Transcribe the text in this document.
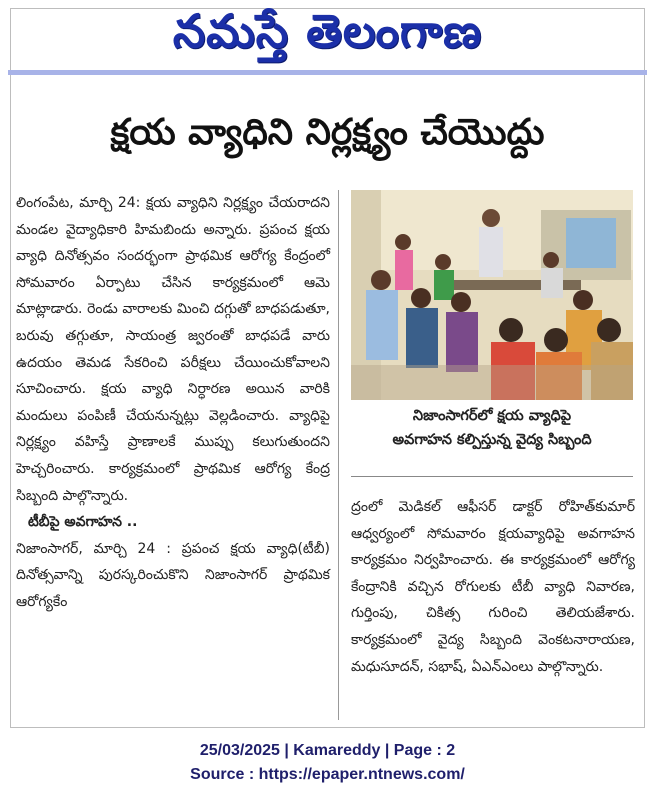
నమస్తే తెలంగాణ
క్షయ వ్యాధిని నిర్లక్ష్యం చేయొద్దు

లింగంపేట, మార్చి 24: క్షయ వ్యాధిని నిర్లక్ష్యం చేయరాదని మండల వైద్యాధికారి హిమబిందు అన్నారు. ప్రపంచ క్షయ వ్యాధి దినోత్సవం సందర్భంగా ప్రాథమిక ఆరోగ్య కేంద్రంలో సోమవారం ఏర్పాటు చేసిన కార్యక్రమంలో ఆమె మాట్లాడారు. రెండు వారాలకు మించి దగ్గుతో బాధపడుతూ, బరువు తగ్గుతూ, సాయంత్ర జ్వరంతో బాధపడే వారు ఉదయం తెమడ సేకరించి పరీక్షలు చేయించుకోవాలని సూచించారు. క్షయ వ్యాధి నిర్ధారణ అయిన వారికి మందులు పంపిణీ చేయనున్నట్లు వెల్లడించారు. వ్యాధిపై నిర్లక్ష్యం వహిస్తే ప్రాణాలకే ముప్పు కలుగుతుందని హెచ్చరించారు. కార్యక్రమంలో ప్రాథమిక ఆరోగ్య కేంద్ర సిబ్బంది పాల్గొన్నారు.

టీబీపై అవగాహన ..

నిజాంసాగర్, మార్చి 24 : ప్రపంచ క్షయ వ్యాధి(టీబీ) దినోత్సవాన్ని పురస్కరించుకొని నిజాంసాగర్ ప్రాథమిక ఆరోగ్యకేం

నిజాంసాగర్‌లో క్షయ వ్యాధిపై
అవగాహన కల్పిస్తున్న వైద్య సిబ్బంది

ద్రంలో మెడికల్ ఆఫీసర్ డాక్టర్ రోహిత్‌కుమార్ ఆధ్వర్యంలో సోమవారం క్షయవ్యాధిపై అవగాహన కార్యక్రమం నిర్వహించారు. ఈ కార్యక్రమంలో ఆరోగ్య కేంద్రానికి వచ్చిన రోగులకు టీబీ వ్యాధి నివారణ, గుర్తింపు, చికిత్స గురించి తెలియజేశారు. కార్యక్రమంలో వైద్య సిబ్బంది వెంకటనారాయణ, మధుసూదన్, సభాష్, ఏఎన్ఎంలు పాల్గొన్నారు.

25/03/2025 | Kamareddy | Page : 2
Source : https://epaper.ntnews.com/
